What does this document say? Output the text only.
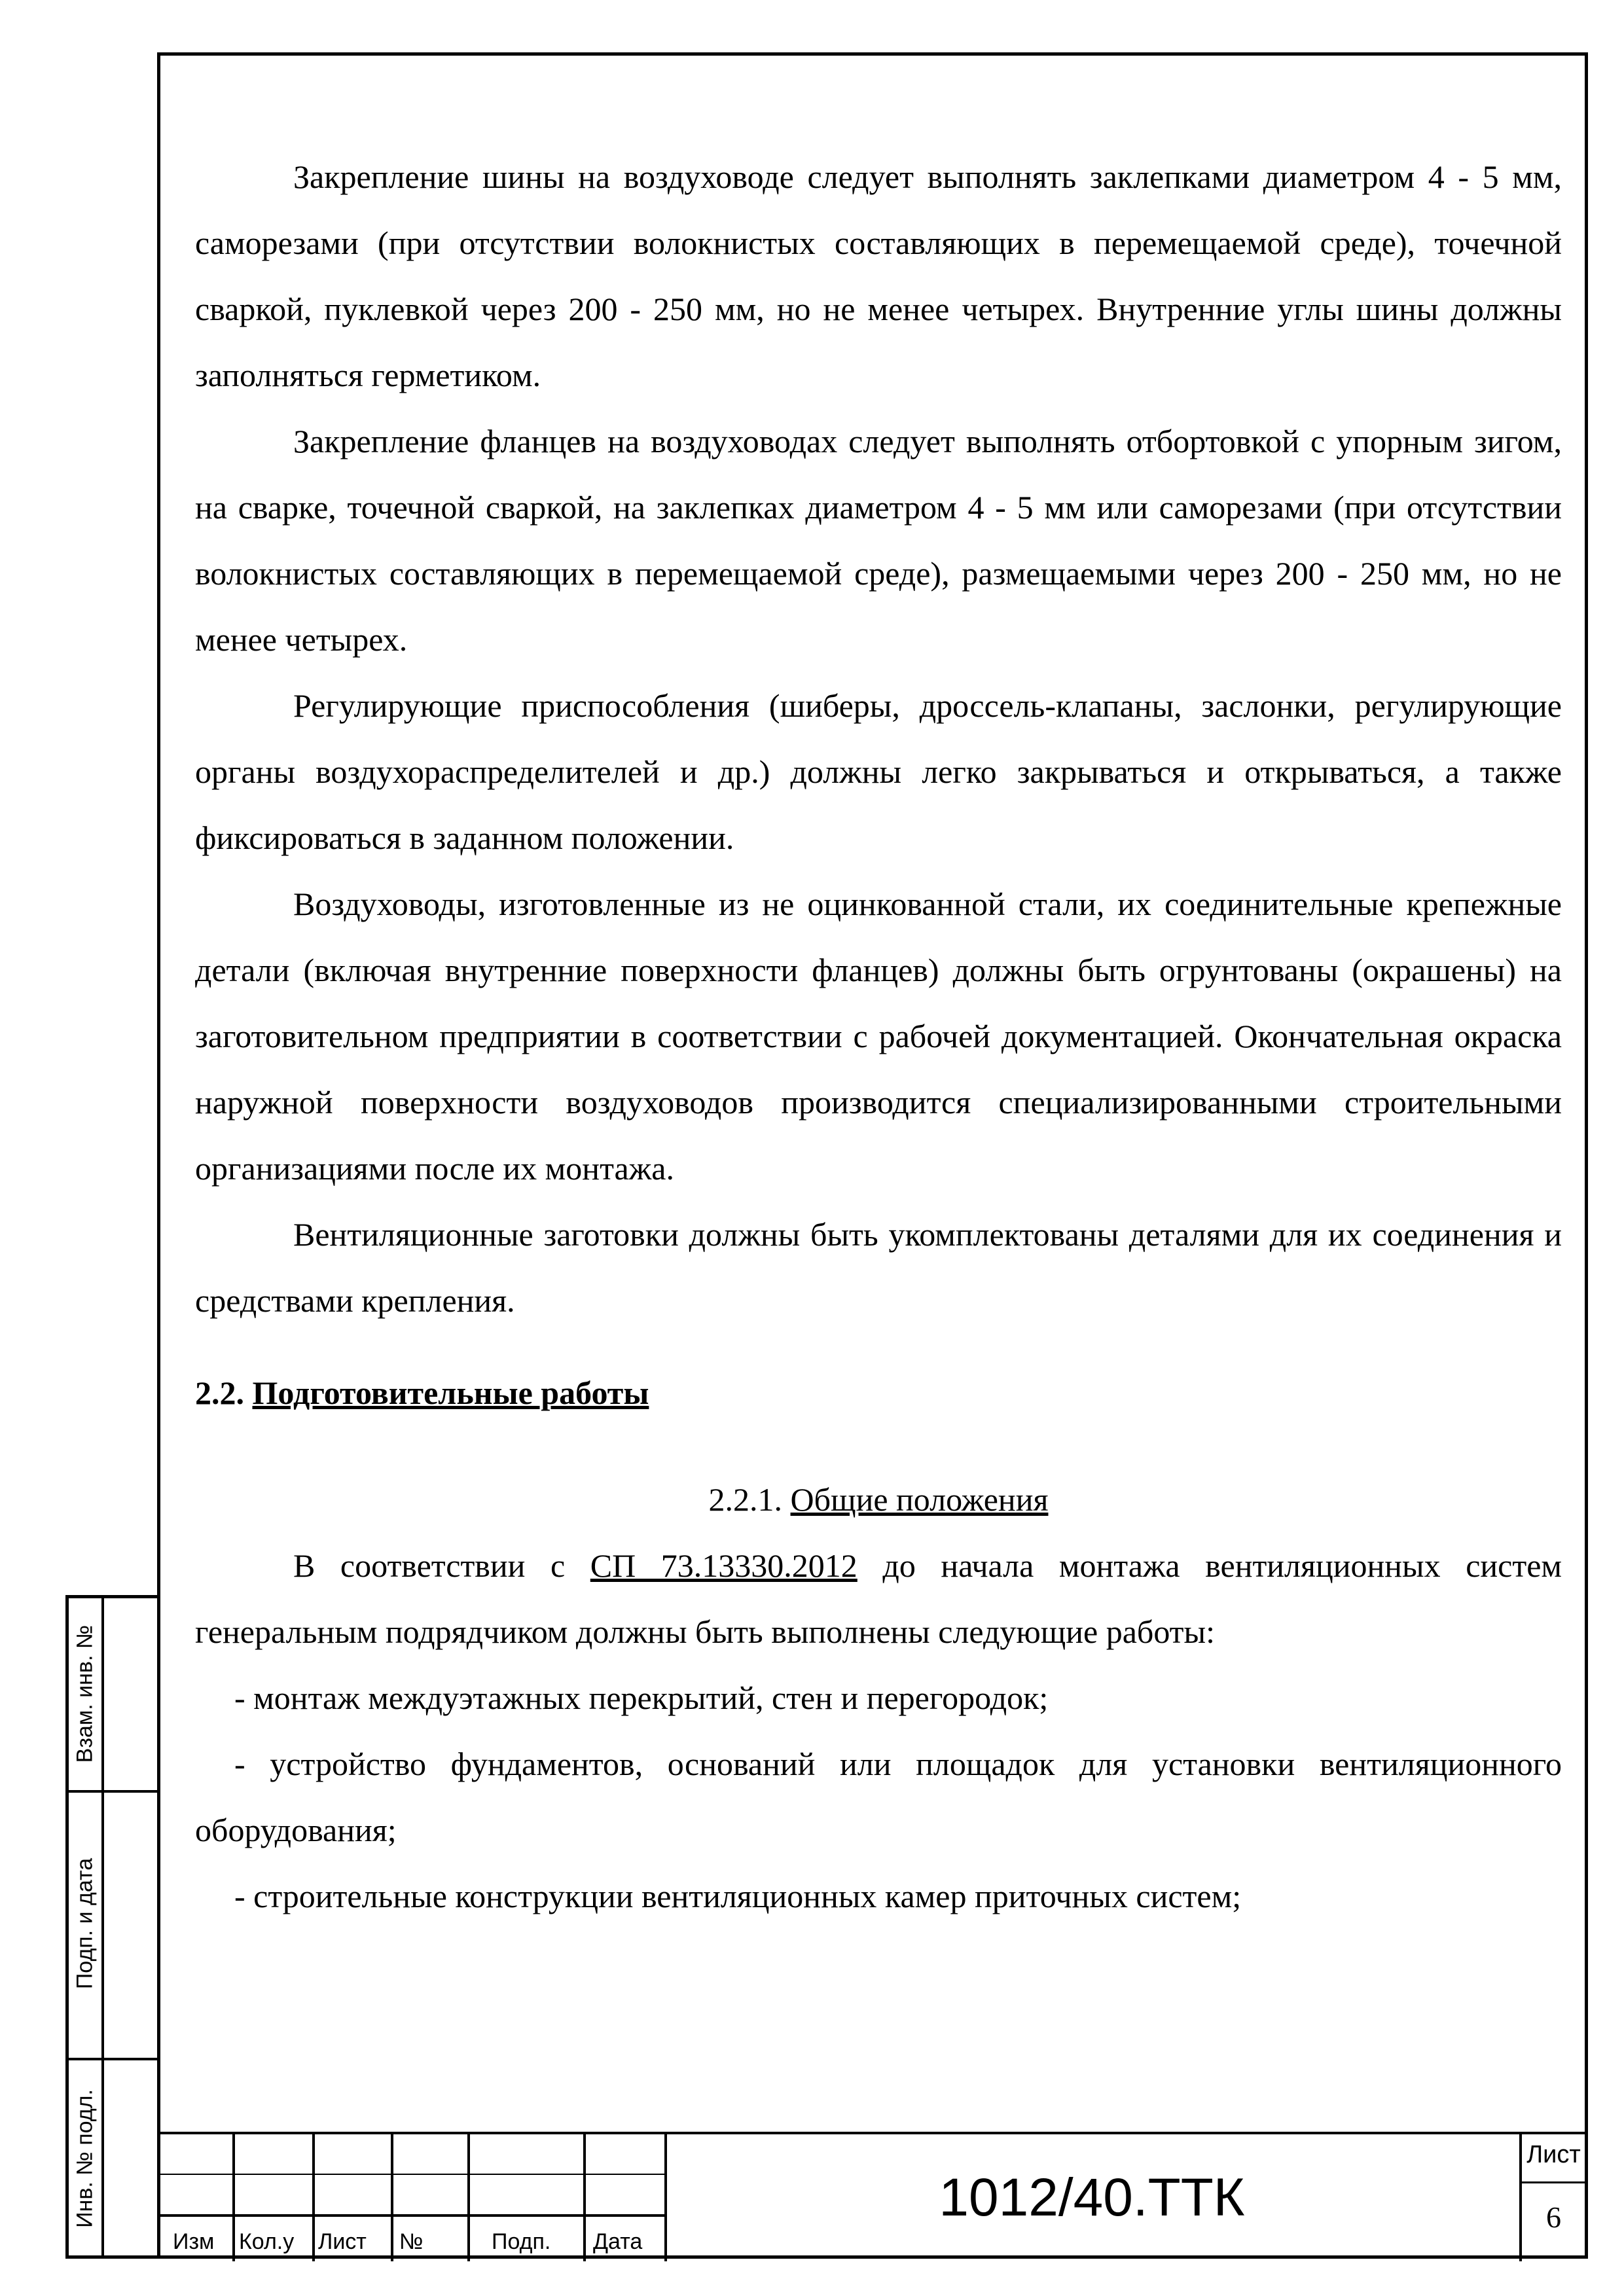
Закрепление шины на воздуховоде следует выполнять заклепками диаметром 4 - 5 мм, саморезами (при отсутствии волокнистых составляющих в перемещаемой среде), точечной сваркой, пуклевкой через 200 - 250 мм, но не менее четырех. Внутренние углы шины должны заполняться герметиком.

Закрепление фланцев на воздуховодах следует выполнять отбортовкой с упорным зигом, на сварке, точечной сваркой, на заклепках диаметром 4 - 5 мм или саморезами (при отсутствии волокнистых составляющих в перемещаемой среде), размещаемыми через 200 - 250 мм, но не менее четырех.

Регулирующие приспособления (шиберы, дроссель-клапаны, заслонки, регулирующие органы воздухораспределителей и др.) должны легко закрываться и открываться, а также фиксироваться в заданном положении.

Воздуховоды, изготовленные из не оцинкованной стали, их соединительные крепежные детали (включая внутренние поверхности фланцев) должны быть огрунтованы (окрашены) на заготовительном предприятии в соответствии с рабочей документацией. Окончательная окраска наружной поверхности воздуховодов производится специализированными строительными организациями после их монтажа.

Вентиляционные заготовки должны быть укомплектованы деталями для их соединения и средствами крепления.

2.2. Подготовительные работы

2.2.1. Общие положения

В соответствии с СП 73.13330.2012 до начала монтажа вентиляционных систем генеральным подрядчиком должны быть выполнены следующие работы:

- монтаж междуэтажных перекрытий, стен и перегородок;

- устройство фундаментов, оснований или площадок для установки вентиляционного оборудования;

- строительные конструкции вентиляционных камер приточных систем;

Взам. инв. №
Подп. и дата
Инв. № подл.
Изм Кол.у Лист №	Подп. Дата
1012/40.ТТК
Лист
6
